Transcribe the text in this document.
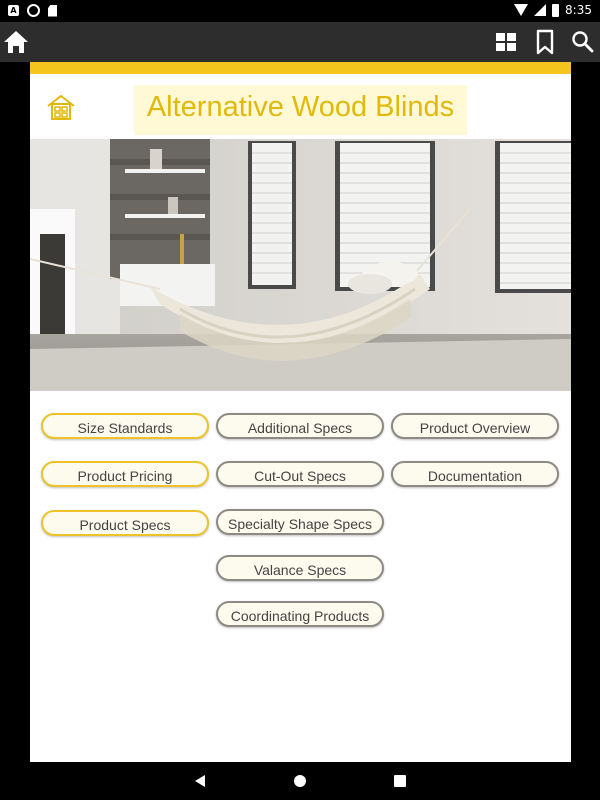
A	8:35
Alternative Wood Blinds
Size Standards
Product Pricing
Product Specs
Additional Specs
Cut-Out Specs
Specialty Shape Specs
Valance Specs
Coordinating Products
Product Overview
Documentation
